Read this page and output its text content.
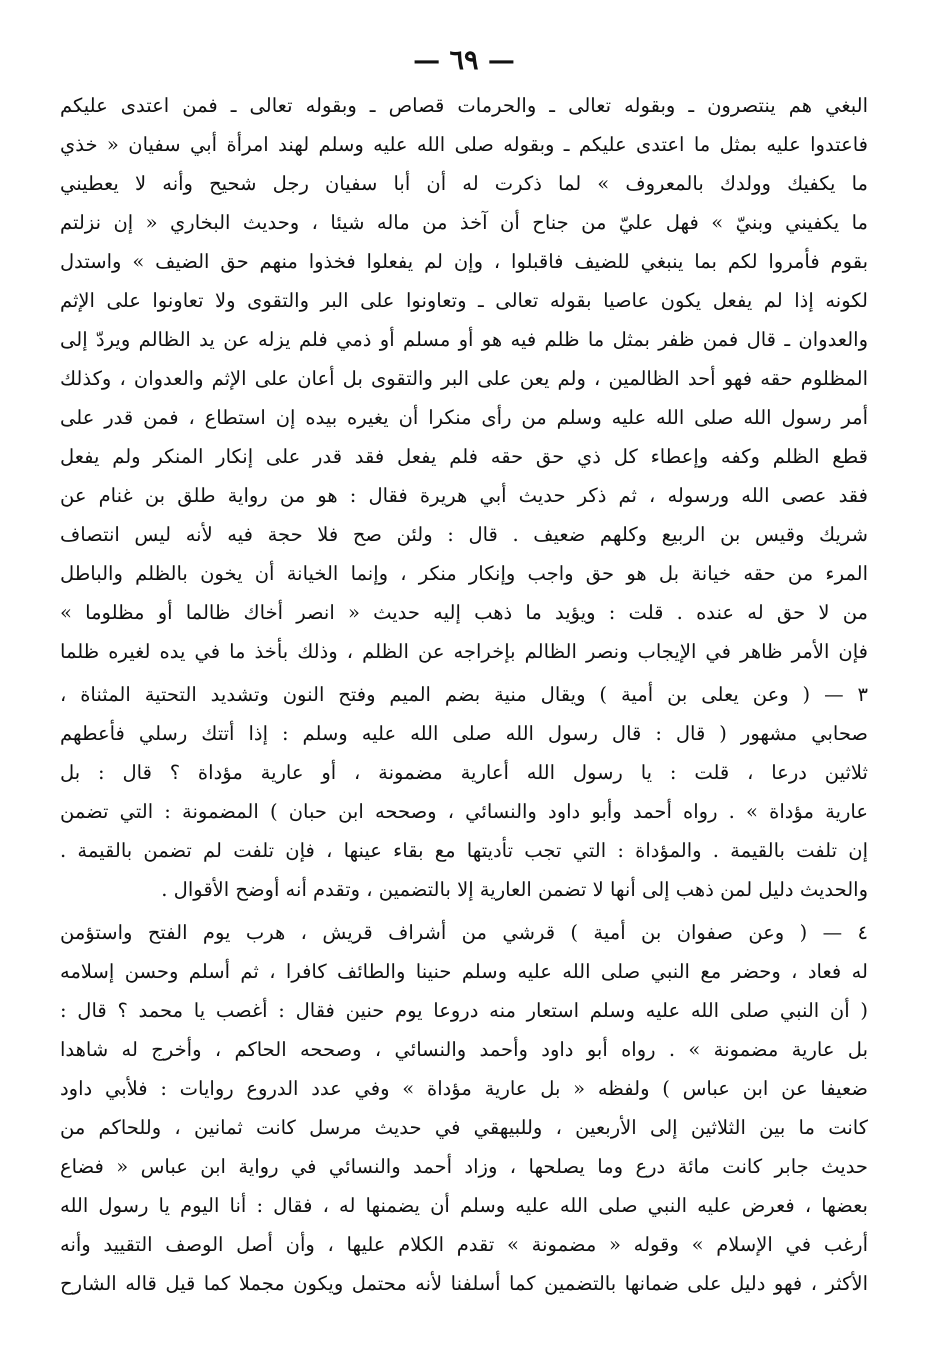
— ٦٩ —
البغي هم ينتصرون ـ وبقوله تعالى ـ والحرمات قصاص ـ وبقوله تعالى ـ فمن اعتدى عليكم
فاعتدوا عليه بمثل ما اعتدى عليكم ـ وبقوله صلى الله عليه وسلم لهند امرأة أبي سفيان « خذي
ما يكفيك وولدك بالمعروف » لما ذكرت له أن أبا سفيان رجل شحيح وأنه لا يعطيني
ما يكفيني وبنيّ » فهل عليّ من جناح أن آخذ من ماله شيئا ، وحديث البخاري « إن نزلتم
بقوم فأمروا لكم بما ينبغي للضيف فاقبلوا ، وإن لم يفعلوا فخذوا منهم حق الضيف » واستدل
لكونه إذا لم يفعل يكون عاصيا بقوله تعالى ـ وتعاونوا على البر والتقوى ولا تعاونوا على الإثم
والعدوان ـ قال فمن ظفر بمثل ما ظلم فيه هو أو مسلم أو ذمي فلم يزله عن يد الظالم ويردّ إلى
المظلوم حقه فهو أحد الظالمين ، ولم يعن على البر والتقوى بل أعان على الإثم والعدوان ، وكذلك
أمر رسول الله صلى الله عليه وسلم من رأى منكرا أن يغيره بيده إن استطاع ، فمن قدر على
قطع الظلم وكفه وإعطاء كل ذي حق حقه فلم يفعل فقد قدر على إنكار المنكر ولم يفعل
فقد عصى الله ورسوله ، ثم ذكر حديث أبي هريرة فقال : هو من رواية طلق بن غنام عن
شريك وقيس بن الربيع وكلهم ضعيف . قال : ولئن صح فلا حجة فيه لأنه ليس انتصاف
المرء من حقه خيانة بل هو حق واجب وإنكار منكر ، وإنما الخيانة أن يخون بالظلم والباطل
من لا حق له عنده . قلت : ويؤيد ما ذهب إليه حديث « انصر أخاك ظالما أو مظلوما »
فإن الأمر ظاهر في الإيجاب ونصر الظالم بإخراجه عن الظلم ، وذلك بأخذ ما في يده لغيره ظلما
٣ — ( وعن يعلى بن أمية ) ويقال منية بضم الميم وفتح النون وتشديد التحتية المثناة ،
صحابي مشهور ( قال : قال رسول الله صلى الله عليه وسلم : إذا أتتك رسلي فأعطهم
ثلاثين درعا ، قلت : يا رسول الله أعارية مضمونة ، أو عارية مؤداة ؟ قال : بل
عارية مؤداة » . رواه أحمد وأبو داود والنسائي ، وصححه ابن حبان ) المضمونة : التي تضمن
إن تلفت بالقيمة . والمؤداة : التي تجب تأديتها مع بقاء عينها ، فإن تلفت لم تضمن بالقيمة .
والحديث دليل لمن ذهب إلى أنها لا تضمن العارية إلا بالتضمين ، وتقدم أنه أوضح الأقوال .
٤ — ( وعن صفوان بن أمية ) قرشي من أشراف قريش ، هرب يوم الفتح واستؤمن
له فعاد ، وحضر مع النبي صلى الله عليه وسلم حنينا والطائف كافرا ، ثم أسلم وحسن إسلامه
( أن النبي صلى الله عليه وسلم استعار منه دروعا يوم حنين فقال : أغصب يا محمد ؟ قال :
بل عارية مضمونة » . رواه أبو داود وأحمد والنسائي ، وصححه الحاكم ، وأخرج له شاهدا
ضعيفا عن ابن عباس ) ولفظه « بل عارية مؤداة » وفي عدد الدروع روايات : فلأبي داود
كانت ما بين الثلاثين إلى الأربعين ، وللبيهقي في حديث مرسل كانت ثمانين ، وللحاكم من
حديث جابر كانت مائة درع وما يصلحها ، وزاد أحمد والنسائي في رواية ابن عباس « فضاع
بعضها ، فعرض عليه النبي صلى الله عليه وسلم أن يضمنها له ، فقال : أنا اليوم يا رسول الله
أرغب في الإسلام » وقوله « مضمونة » تقدم الكلام عليها ، وأن أصل الوصف التقييد وأنه
الأكثر ، فهو دليل على ضمانها بالتضمين كما أسلفنا لأنه محتمل ويكون مجملا كما قيل قاله الشارح
